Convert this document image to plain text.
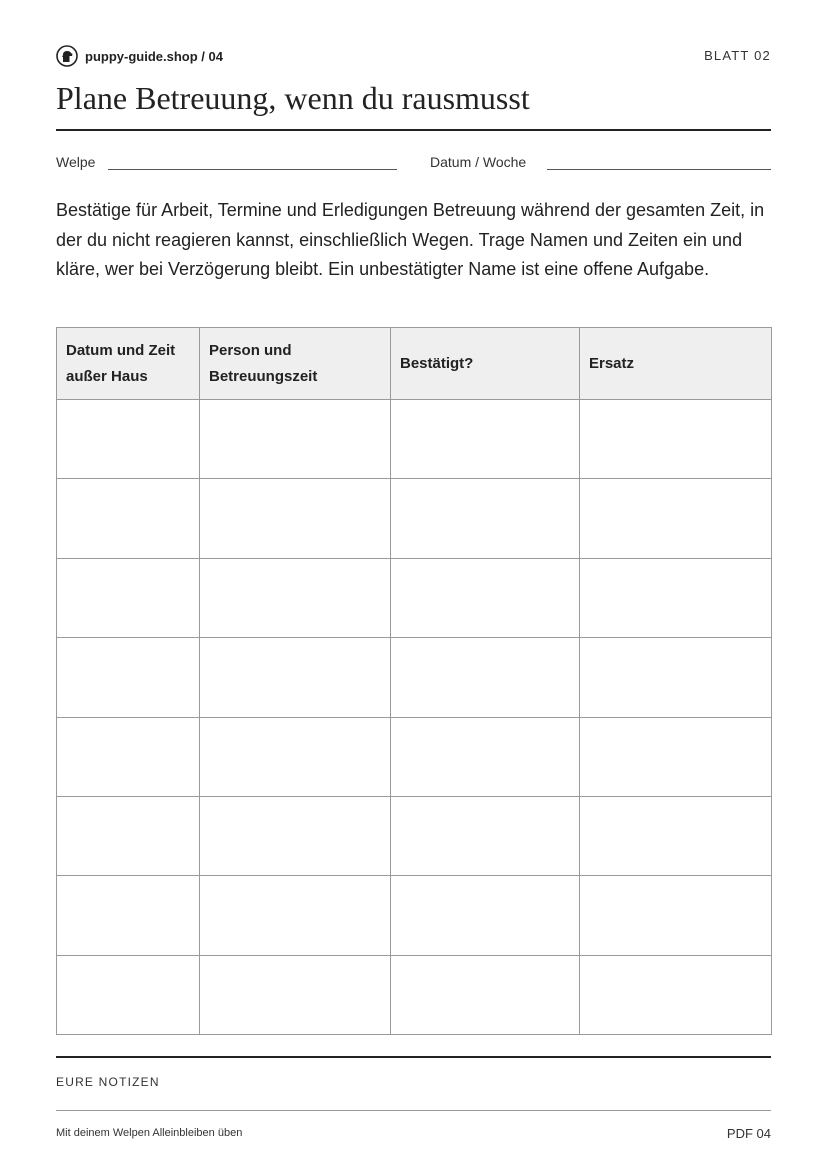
puppy-guide.shop / 04	BLATT 02
Plane Betreuung, wenn du rausmusst
Welpe	Datum / Woche

Bestätige für Arbeit, Termine und Erledigungen Betreuung während der gesamten Zeit, in der du nicht reagieren kannst, einschließlich Wegen. Trage Namen und Zeiten ein und kläre, wer bei Verzögerung bleibt. Ein unbestätigter Name ist eine offene Aufgabe.

Datum und Zeit außer Haus	Person und Betreuungszeit	Bestätigt?	Ersatz

EURE NOTIZEN
Mit deinem Welpen Alleinbleiben üben	PDF 04
